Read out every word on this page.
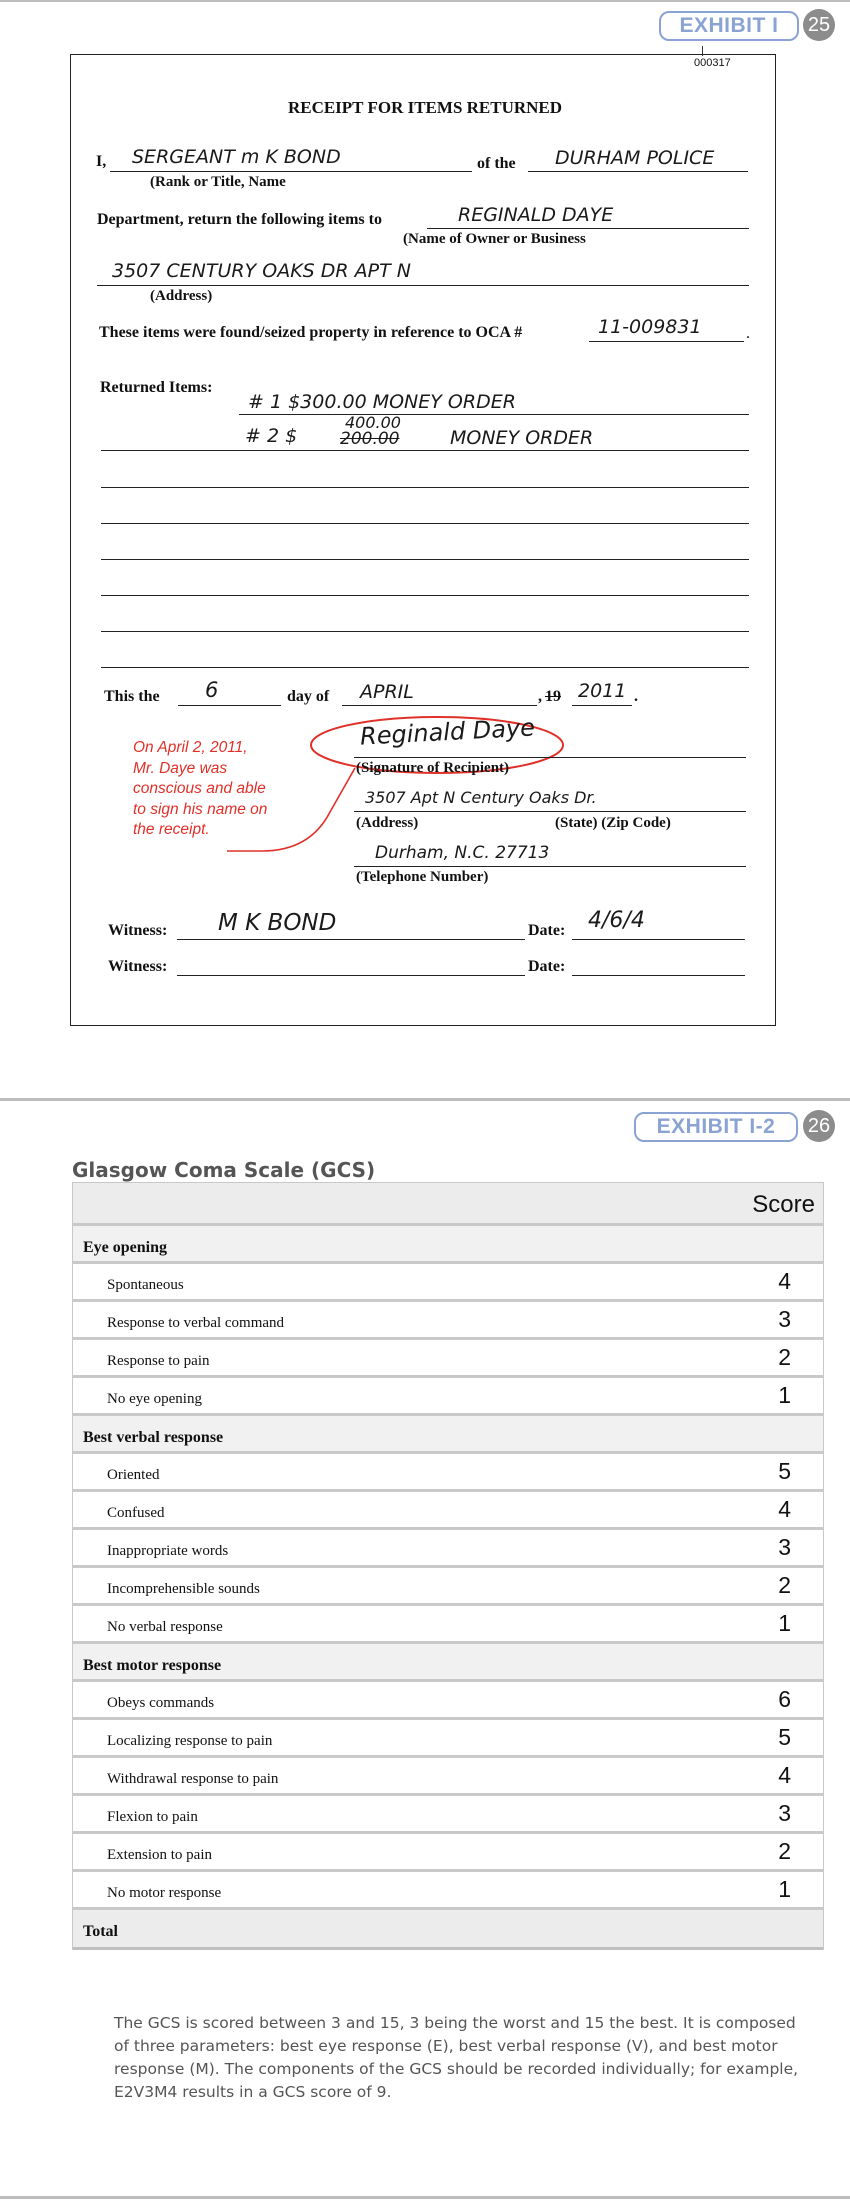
EXHIBIT I	25
000317
RECEIPT FOR ITEMS RETURNED
I, SERGEANT m K BOND	of the DURHAM POLICE
(Rank or Title, Name
Department, return the following items to	REGINALD DAYE
(Name of Owner or Business
3507 CENTURY OAKS DR APT N
(Address)
These items were found/seized property in reference to OCA #	11-009831	.
Returned Items:
# 1 $300.00 MONEY ORDER
# 2 $	200.00
400.00
MONEY ORDER
This the 6	day of APRIL	, 19 2011 .
On April 2, 2011, Mr. Daye was conscious and able to sign his name on the receipt.
Reginald Daye
(Signature of Recipient)
3507 Apt N Century Oaks Dr.
(Address)	(State) (Zip Code)
Durham, N.C. 27713
(Telephone Number)
Witness: M K BOND	Date: 4/6/4
Witness:	Date:
EXHIBIT I-2	26
Glasgow Coma Scale (GCS)
Score
Eye opening
Spontaneous	4
Response to verbal command	3
Response to pain	2
No eye opening	1
Best verbal response
Oriented	5
Confused	4
Inappropriate words	3
Incomprehensible sounds	2
No verbal response	1
Best motor response
Obeys commands	6
Localizing response to pain	5
Withdrawal response to pain	4
Flexion to pain	3
Extension to pain	2
No motor response	1
Total
The GCS is scored between 3 and 15, 3 being the worst and 15 the best. It is composed of three parameters: best eye response (E), best verbal response (V), and best motor response (M). The components of the GCS should be recorded individually; for example, E2V3M4 results in a GCS score of 9.
